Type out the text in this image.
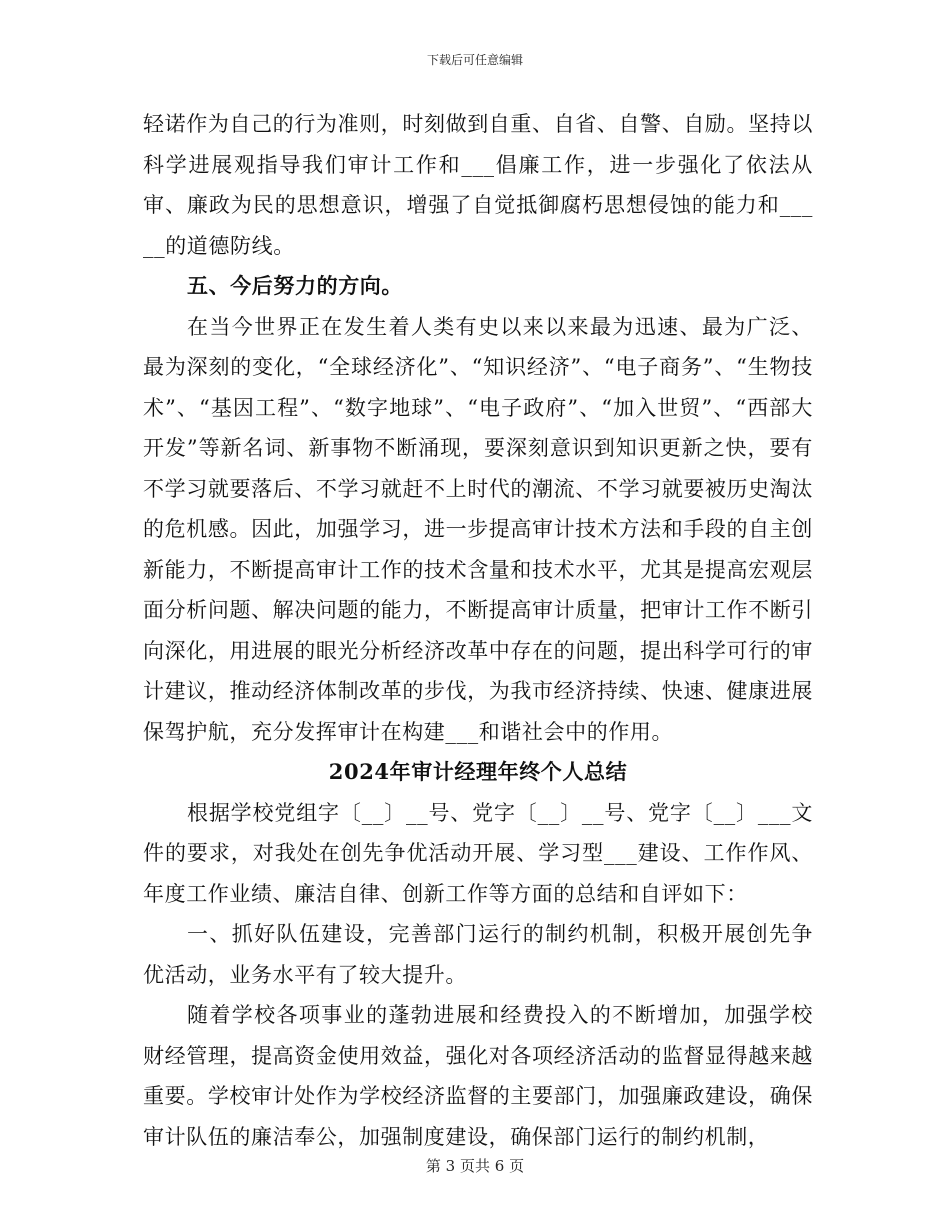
下载后可任意编辑

轻诺作为自己的行为准则，时刻做到自重、自省、自警、自励。坚持以科学进展观指导我们审计工作和___倡廉工作，进一步强化了依法从审、廉政为民的思想意识，增强了自觉抵御腐朽思想侵蚀的能力和_____的道德防线。

五、今后努力的方向。

在当今世界正在发生着人类有史以来以来最为迅速、最为广泛、最为深刻的变化，“全球经济化”、“知识经济”、“电子商务”、“生物技术”、“基因工程”、“数字地球”、“电子政府”、“加入世贸”、“西部大开发”等新名词、新事物不断涌现，要深刻意识到知识更新之快，要有不学习就要落后、不学习就赶不上时代的潮流、不学习就要被历史淘汰的危机感。因此，加强学习，进一步提高审计技术方法和手段的自主创新能力，不断提高审计工作的技术含量和技术水平，尤其是提高宏观层面分析问题、解决问题的能力，不断提高审计质量，把审计工作不断引向深化，用进展的眼光分析经济改革中存在的问题，提出科学可行的审计建议，推动经济体制改革的步伐，为我市经济持续、快速、健康进展保驾护航，充分发挥审计在构建___和谐社会中的作用。

2024年审计经理年终个人总结

根据学校党组字〔__〕__号、党字〔__〕__号、党字〔__〕___文件的要求，对我处在创先争优活动开展、学习型___建设、工作作风、年度工作业绩、廉洁自律、创新工作等方面的总结和自评如下：

一、抓好队伍建设，完善部门运行的制约机制，积极开展创先争优活动，业务水平有了较大提升。

随着学校各项事业的蓬勃进展和经费投入的不断增加，加强学校财经管理，提高资金使用效益，强化对各项经济活动的监督显得越来越重要。学校审计处作为学校经济监督的主要部门，加强廉政建设，确保审计队伍的廉洁奉公，加强制度建设，确保部门运行的制约机制，

第 3 页共 6 页
